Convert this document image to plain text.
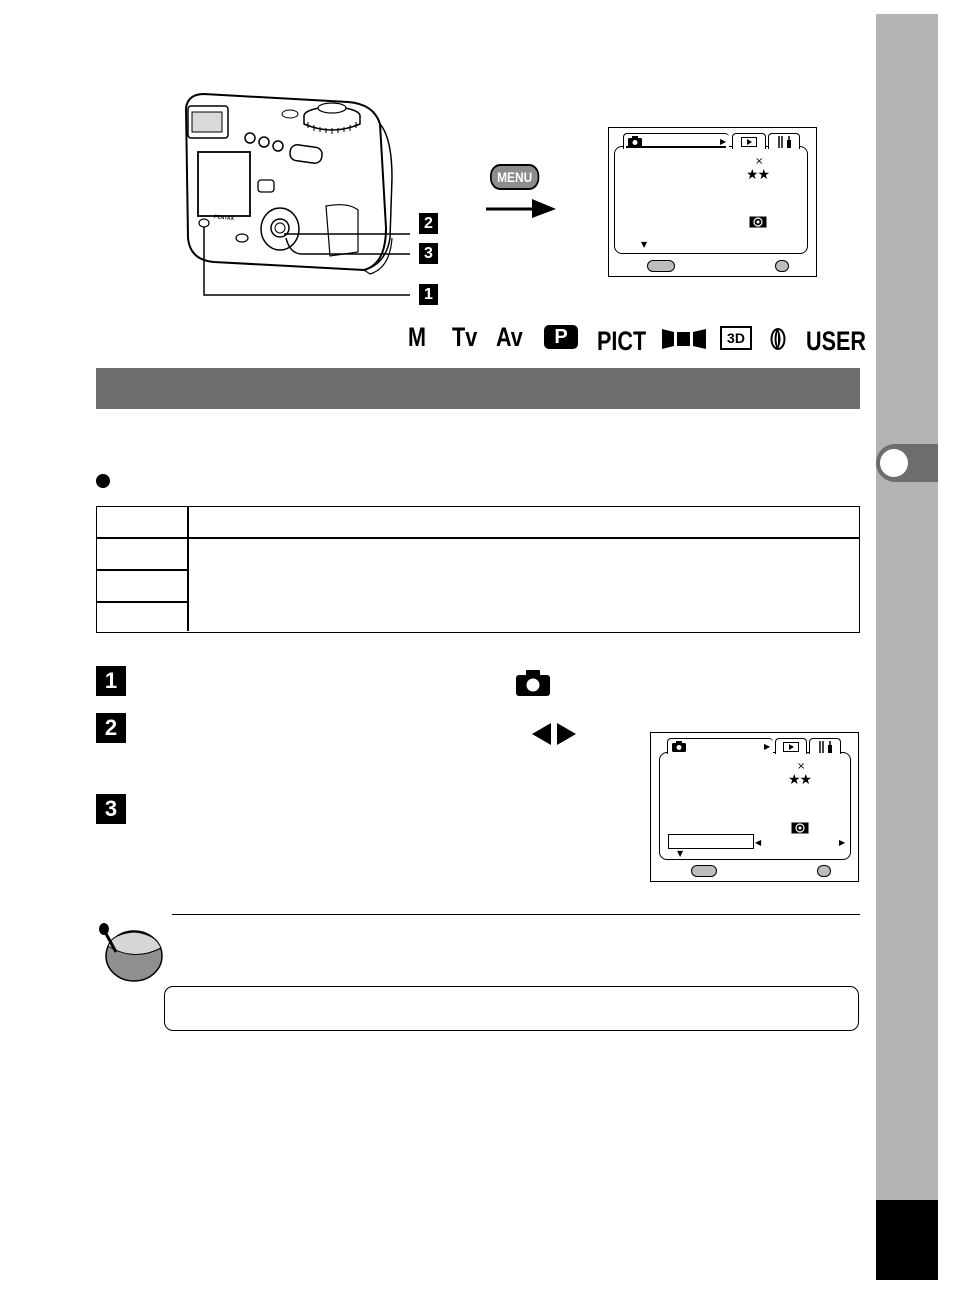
PENTAX	2
3
1
MENU
▶
×
★★
▼
M Tv Av	P	PICT	3D USER
1
2
3
▶
×
★★
◀	▶
▼
